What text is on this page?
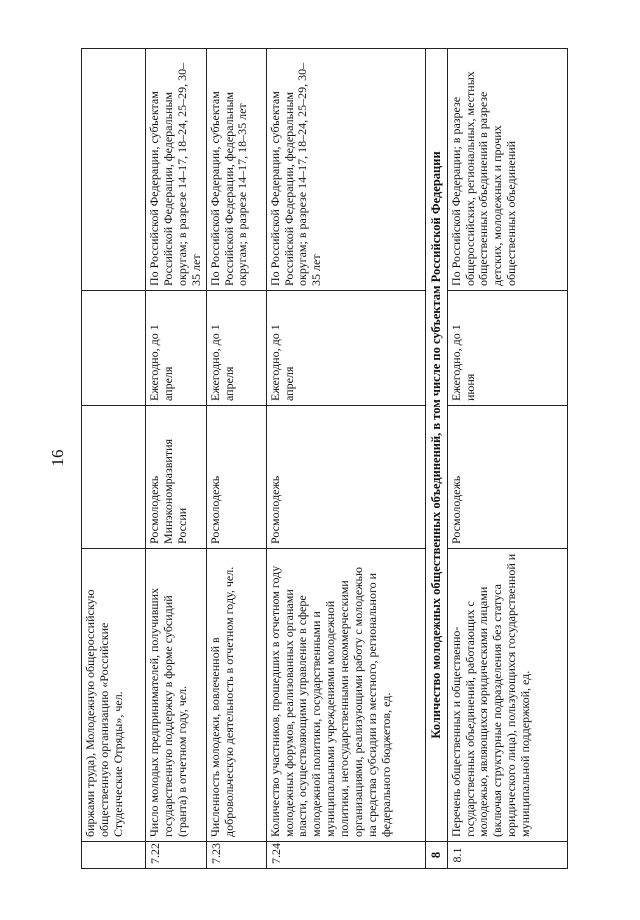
16
	биржами труда), Молодежную общероссийскую общественную организацию «Российские Студенческие Отряды», чел.			
7.22	Число молодых предпринимателей, получивших государственную поддержку в форме субсидий (гранта) в отчетном году, чел.	Росмолодежь Минэкономразвития России	Ежегодно, до 1 апреля	По Российской Федерации, субъектам Российской Федерации, федеральным округам; в разрезе 14–17, 18–24, 25–29, 30–35 лет
7.23	Численность молодежи, вовлеченной в добровольческую деятельность в отчетном году, чел.	Росмолодежь	Ежегодно, до 1 апреля	По Российской Федерации, субъектам Российской Федерации, федеральным округам; в разрезе 14–17, 18–35 лет
7.24	Количество участников, прошедших в отчетном году молодежных форумов, реализованных органами власти, осуществляющими управление в сфере молодежной политики, государственными и муниципальными учреждениями молодежной политики, негосударственными некоммерческими организациями, реализующими работу с молодежью на средства субсидии из местного, регионального и федерального бюджетов, ед.	Росмолодежь	Ежегодно, до 1 апреля	По Российской Федерации, субъектам Российской Федерации, федеральным округам; в разрезе 14–17, 18–24, 25–29, 30–35 лет
8	Количество молодежных общественных объединений, в том числе по субъектам Российской Федерации			
8.1	Перечень общественных и общественно-государственных объединений, работающих с молодежью, являющихся юридическими лицами (включая структурные подразделения без статуса юридического лица), пользующихся государственной и муниципальной поддержкой, ед.	Росмолодежь	Ежегодно, до 1 июня	По Российской Федерации; в разрезе общероссийских, региональных, местных общественных объединений в разрезе детских, молодежных и прочих общественных объединений
